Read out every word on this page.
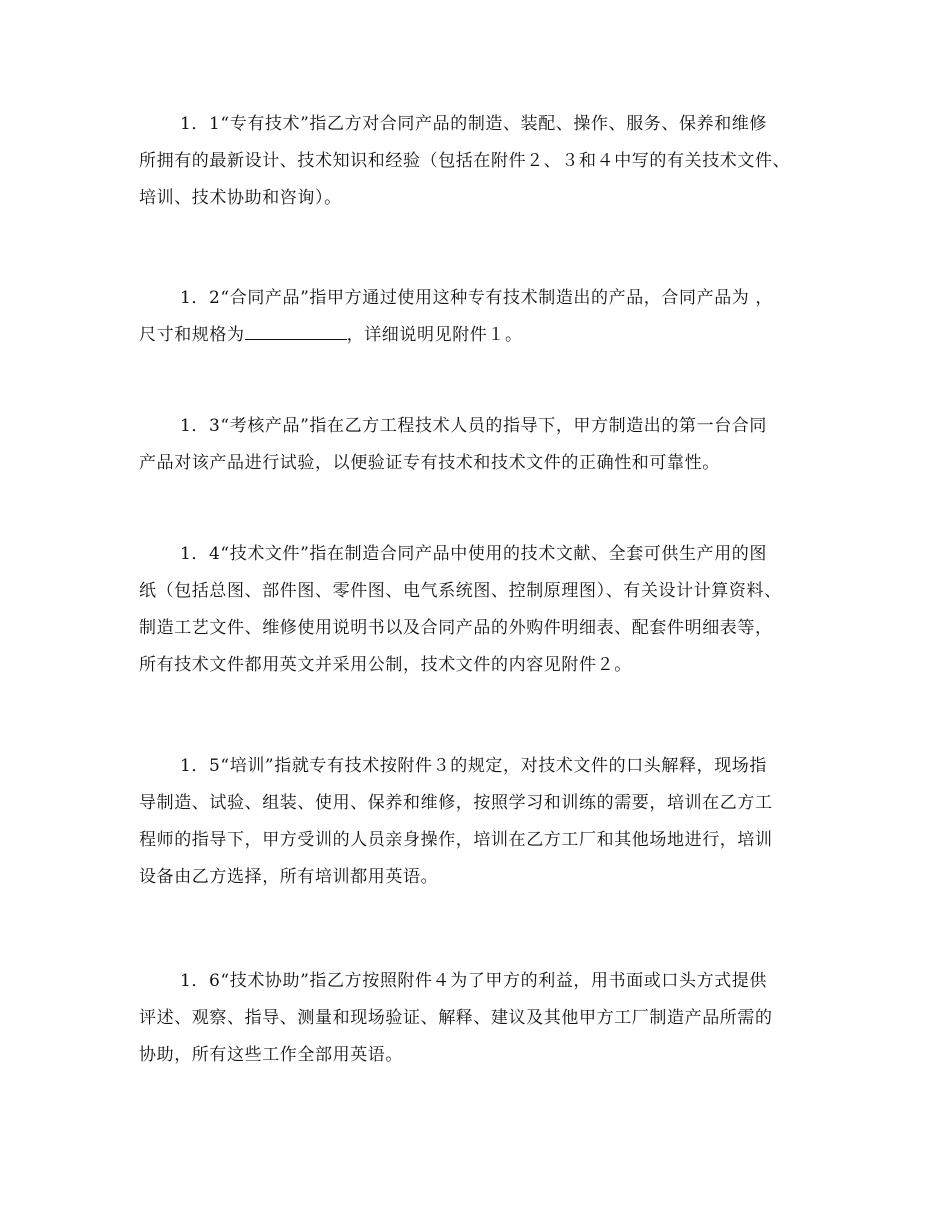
1．1“专有技术”指乙方对合同产品的制造、装配、操作、服务、保养和维修
所拥有的最新设计、技术知识和经验（包括在附件２、３和４中写的有关技术文件、
培训、技术协助和咨询）。
1．2“合同产品”指甲方通过使用这种专有技术制造出的产品，合同产品为 ，
尺寸和规格为	，详细说明见附件１。
1．3“考核产品”指在乙方工程技术人员的指导下，甲方制造出的第一台合同
产品对该产品进行试验，以便验证专有技术和技术文件的正确性和可靠性。
1．4“技术文件”指在制造合同产品中使用的技术文献、全套可供生产用的图
纸（包括总图、部件图、零件图、电气系统图、控制原理图）、有关设计计算资料、
制造工艺文件、维修使用说明书以及合同产品的外购件明细表、配套件明细表等，
所有技术文件都用英文并采用公制，技术文件的内容见附件２。
1．5“培训”指就专有技术按附件３的规定，对技术文件的口头解释，现场指
导制造、试验、组装、使用、保养和维修，按照学习和训练的需要，培训在乙方工
程师的指导下，甲方受训的人员亲身操作，培训在乙方工厂和其他场地进行，培训
设备由乙方选择，所有培训都用英语。
1．6“技术协助”指乙方按照附件４为了甲方的利益，用书面或口头方式提供
评述、观察、指导、测量和现场验证、解释、建议及其他甲方工厂制造产品所需的
协助，所有这些工作全部用英语。
